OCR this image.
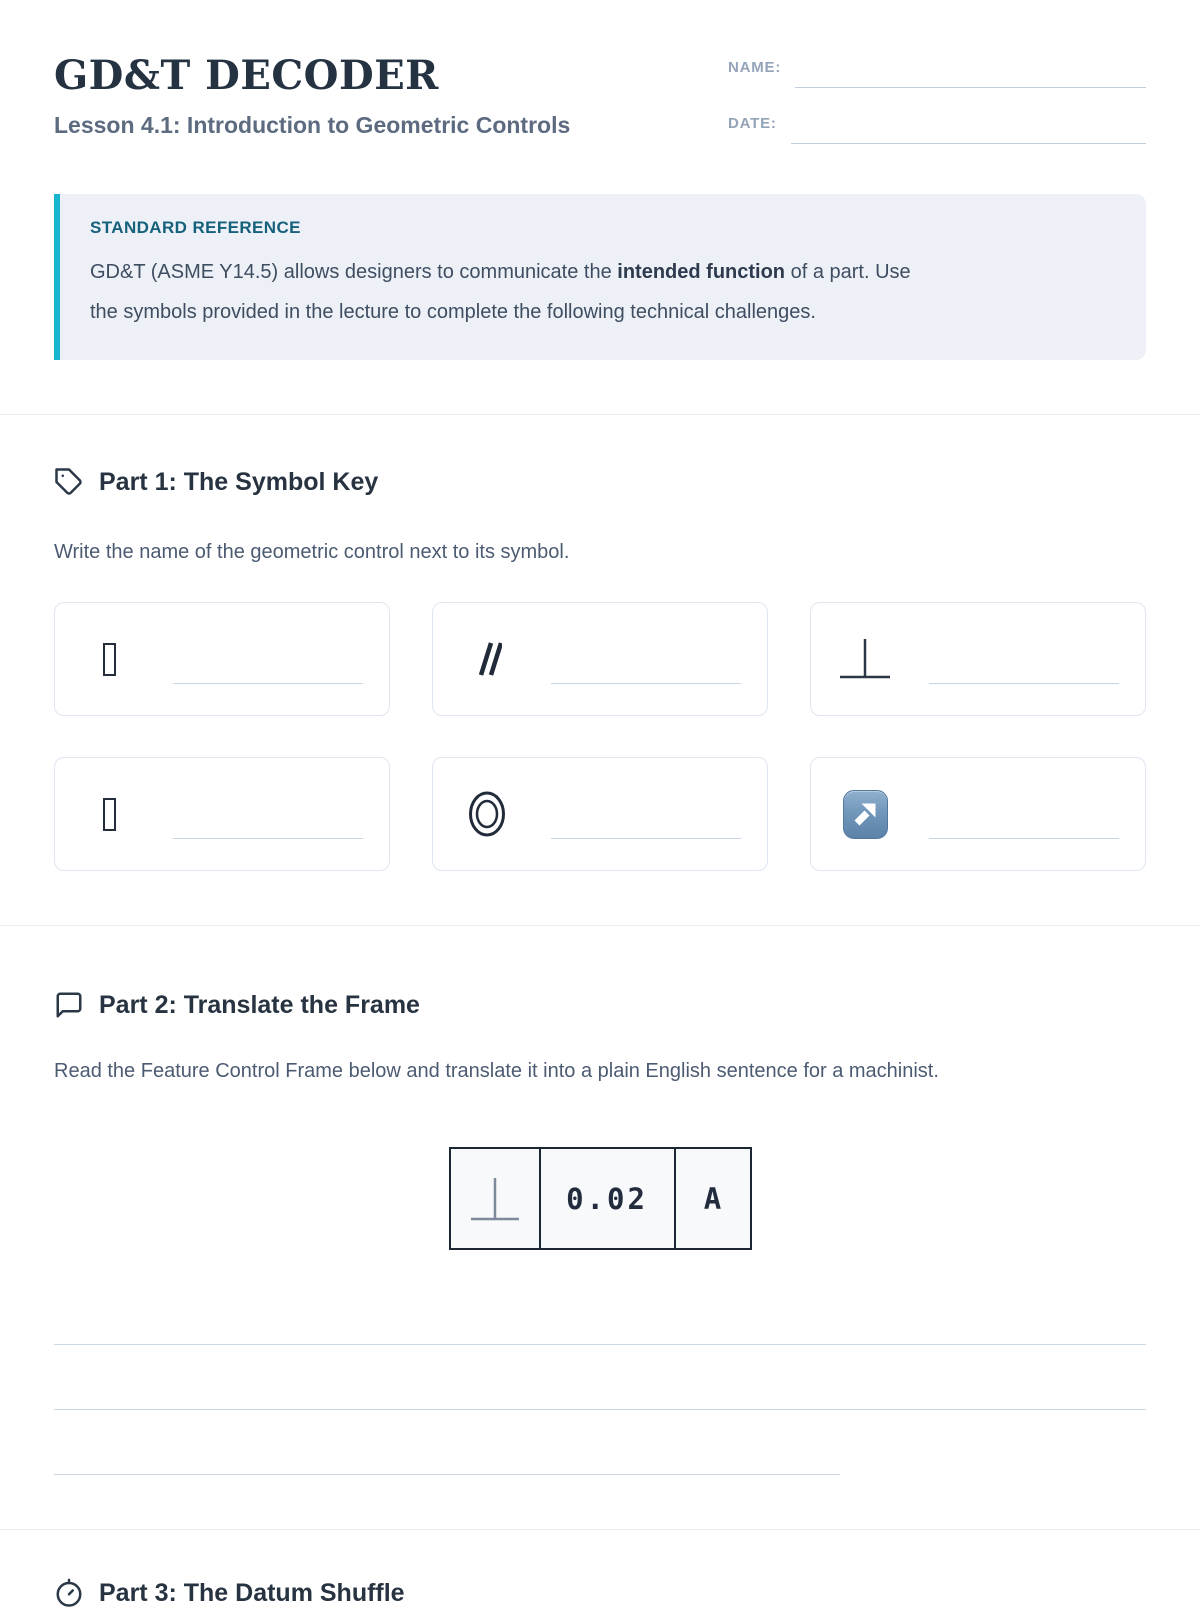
GD&T DECODER
Lesson 4.1: Introduction to Geometric Controls
NAME:
DATE:
STANDARD REFERENCE

GD&T (ASME Y14.5) allows designers to communicate the intended function of a part. Use
the symbols provided in the lecture to complete the following technical challenges.

Part 1: The Symbol Key

Write the name of the geometric control next to its symbol.

Part 2: Translate the Frame

Read the Feature Control Frame below and translate it into a plain English sentence for a machinist.

0.02	A
Part 3: The Datum Shuffle
